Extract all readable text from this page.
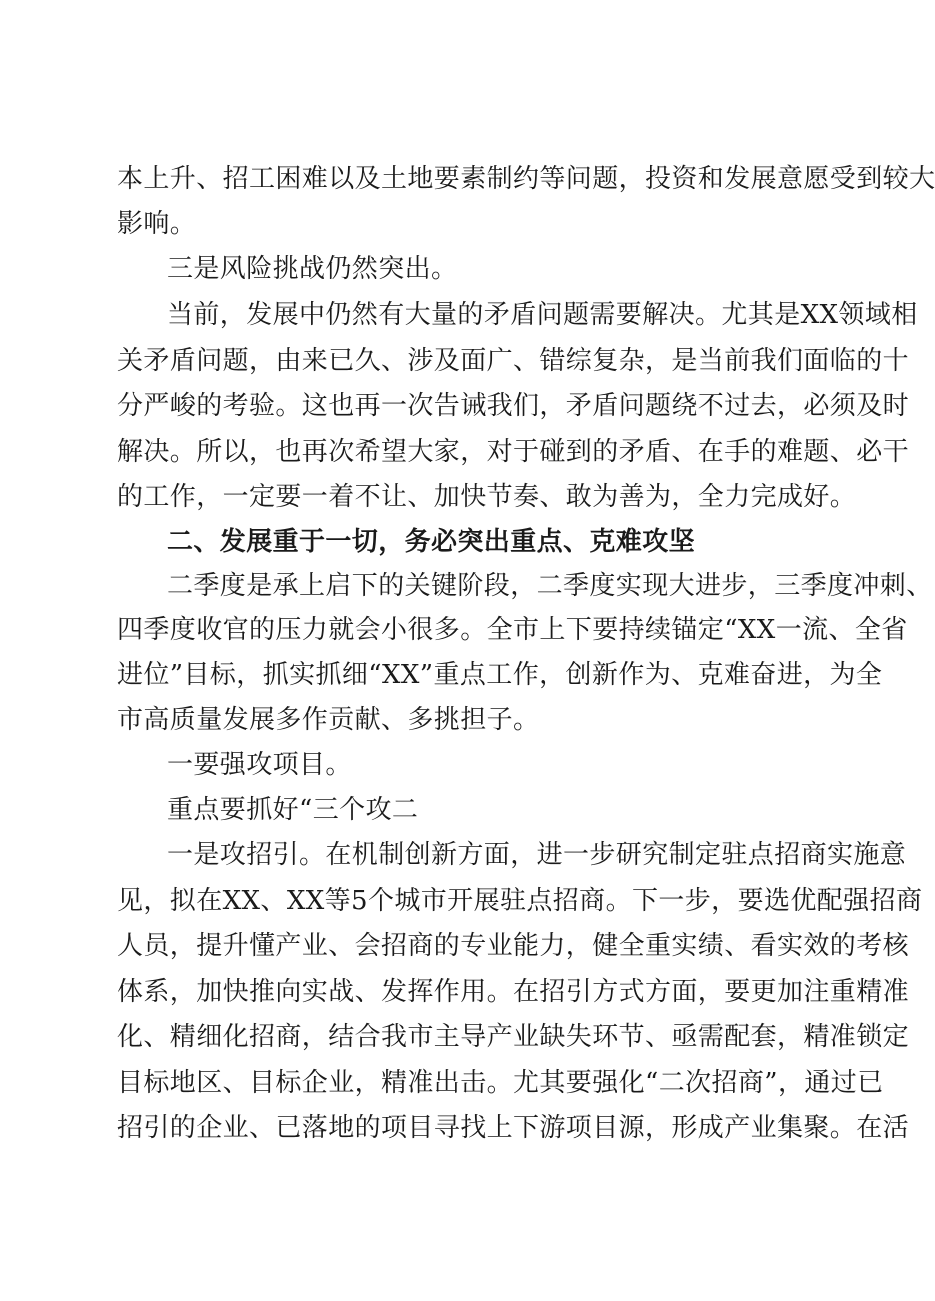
本上升、招工困难以及土地要素制约等问题，投资和发展意愿受到较大
影响。
三是风险挑战仍然突出。
当前，发展中仍然有大量的矛盾问题需要解决。尤其是XX领域相
关矛盾问题，由来已久、涉及面广、错综复杂，是当前我们面临的十
分严峻的考验。这也再一次告诫我们，矛盾问题绕不过去，必须及时
解决。所以，也再次希望大家，对于碰到的矛盾、在手的难题、必干
的工作，一定要一着不让、加快节奏、敢为善为，全力完成好。
二、发展重于一切，务必突出重点、克难攻坚
二季度是承上启下的关键阶段，二季度实现大进步，三季度冲刺、
四季度收官的压力就会小很多。全市上下要持续锚定“XX一流、全省
进位”目标，抓实抓细“XX”重点工作，创新作为、克难奋进，为全
市高质量发展多作贡献、多挑担子。
一要强攻项目。
重点要抓好“三个攻二
一是攻招引。在机制创新方面，进一步研究制定驻点招商实施意
见，拟在XX、XX等5个城市开展驻点招商。下一步，要选优配强招商
人员，提升懂产业、会招商的专业能力，健全重实绩、看实效的考核
体系，加快推向实战、发挥作用。在招引方式方面，要更加注重精准
化、精细化招商，结合我市主导产业缺失环节、亟需配套，精准锁定
目标地区、目标企业，精准出击。尤其要强化“二次招商”，通过已
招引的企业、已落地的项目寻找上下游项目源，形成产业集聚。在活
